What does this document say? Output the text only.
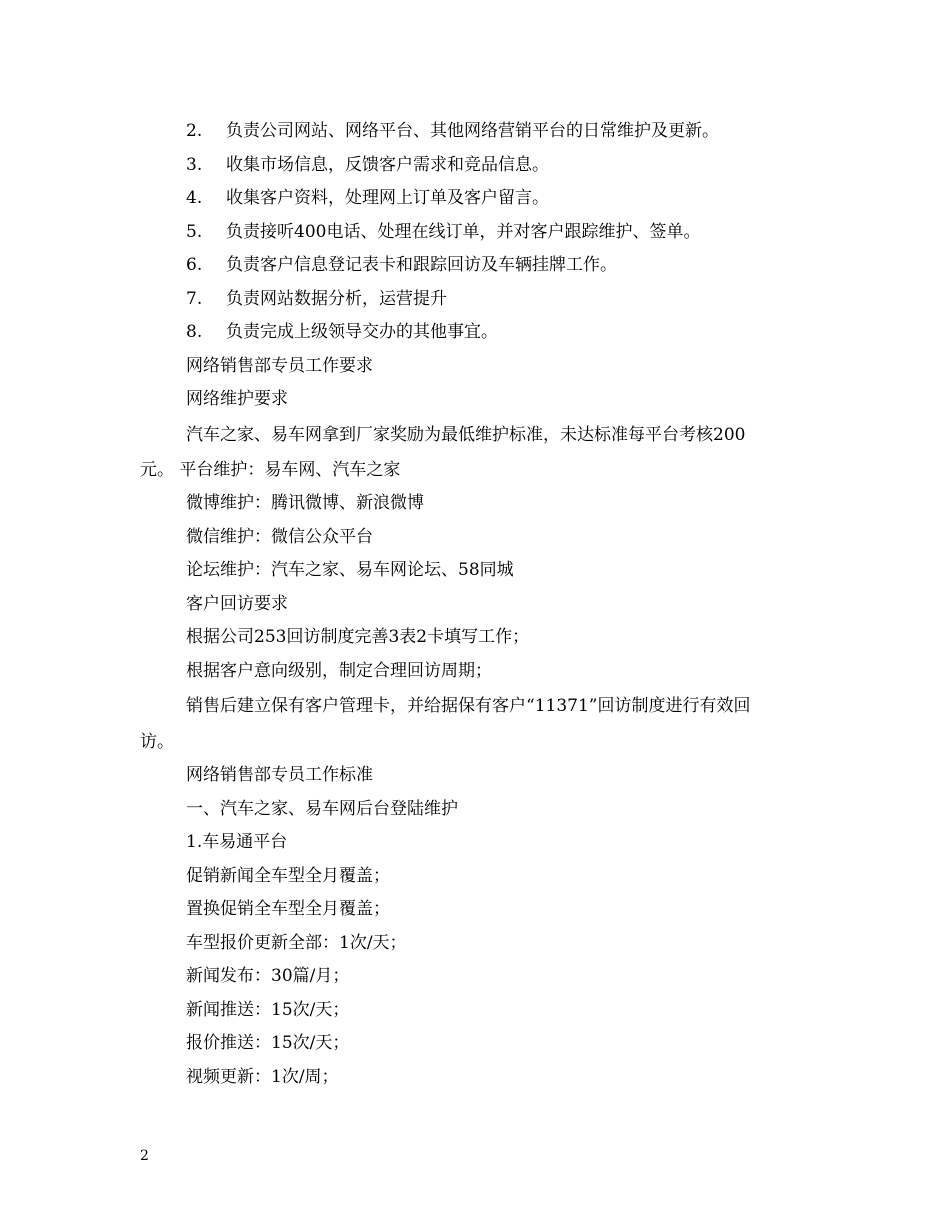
2. 负责公司网站、网络平台、其他网络营销平台的日常维护及更新。
3. 收集市场信息，反馈客户需求和竞品信息。
4. 收集客户资料，处理网上订单及客户留言。
5. 负责接听400电话、处理在线订单，并对客户跟踪维护、签单。
6. 负责客户信息登记表卡和跟踪回访及车辆挂牌工作。
7. 负责网站数据分析，运营提升
8. 负责完成上级领导交办的其他事宜。
网络销售部专员工作要求
网络维护要求
汽车之家、易车网拿到厂家奖励为最低维护标准，未达标准每平台考核200
元。 平台维护：易车网、汽车之家
微博维护：腾讯微博、新浪微博
微信维护：微信公众平台
论坛维护：汽车之家、易车网论坛、58同城
客户回访要求
根据公司253回访制度完善3表2卡填写工作；
根据客户意向级别，制定合理回访周期；
销售后建立保有客户管理卡，并给据保有客户“11371”回访制度进行有效回
访。
网络销售部专员工作标准
一、汽车之家、易车网后台登陆维护
1.车易通平台
促销新闻全车型全月覆盖；
置换促销全车型全月覆盖；
车型报价更新全部：1次/天；
新闻发布：30篇/月；
新闻推送：15次/天；
报价推送：15次/天；
视频更新：1次/周；
2
